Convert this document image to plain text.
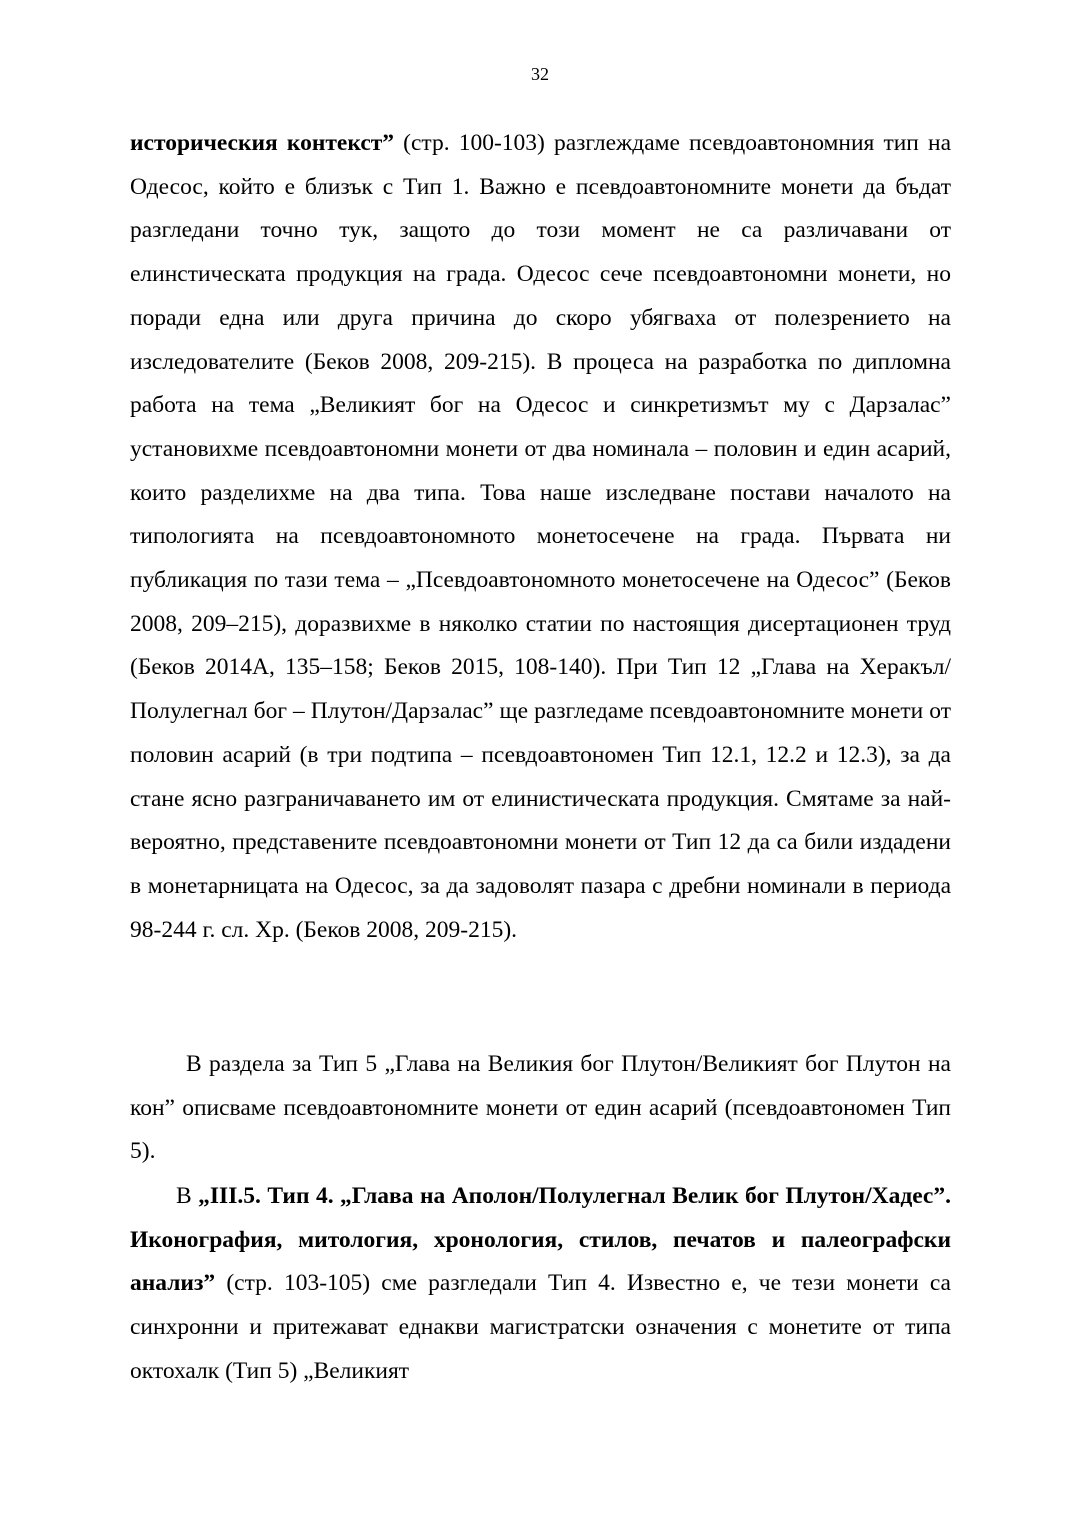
32

историческия контекст” (стр. 100-103) разглеждаме псевдоавтономния тип на Одесос, който е близък с Тип 1. Важно е псевдоавтономните монети да бъдат разгледани точно тук, защото до този момент не са различавани от елинстическата продукция на града. Одесос сече псевдоавтономни монети, но поради една или друга причина до скоро убягваха от полезрението на изследователите (Беков 2008, 209-215). В процеса на разработка по дипломна работа на тема „Великият бог на Одесос и синкретизмът му с Дарзалас” установихме псевдоавтономни монети от два номинала – половин и един асарий, които разделихме на два типа. Това наше изследване постави началото на типологията на псевдоавтономното монетосечене на града. Първата ни публикация по тази тема – „Псевдоавтономното монетосечене на Одесос” (Беков 2008, 209–215), доразвихме в няколко статии по настоящия дисертационен труд (Беков 2014А, 135–158; Беков 2015, 108-140). При Тип 12 „Глава на Херакъл/Полулегнал бог – Плутон/Дарзалас” ще разгледаме псевдоавтономните монети от половин асарий (в три подтипа – псевдоавтономен Тип 12.1, 12.2 и 12.3), за да стане ясно разграничаването им от елинистическата продукция. Смятаме за най-вероятно, представените псевдоавтономни монети от Тип 12 да са били издадени в монетарницата на Одесос, за да задоволят пазара с дребни номинали в периода 98-244 г. сл. Хр. (Беков 2008, 209-215).

В раздела за Тип 5 „Глава на Великия бог Плутон/Великият бог Плутон на кон” описваме псевдоавтономните монети от един асарий (псевдоавтономен Тип 5).

В „III.5. Тип 4. „Глава на Аполон/Полулегнал Велик бог Плутон/Хадес”. Иконография, митология, хронология, стилов, печатов и палеографски анализ” (стр. 103-105) сме разгледали Тип 4. Известно е, че тези монети са синхронни и притежават еднакви магистратски означения с монетите от типа октохалк (Тип 5) „Великият
